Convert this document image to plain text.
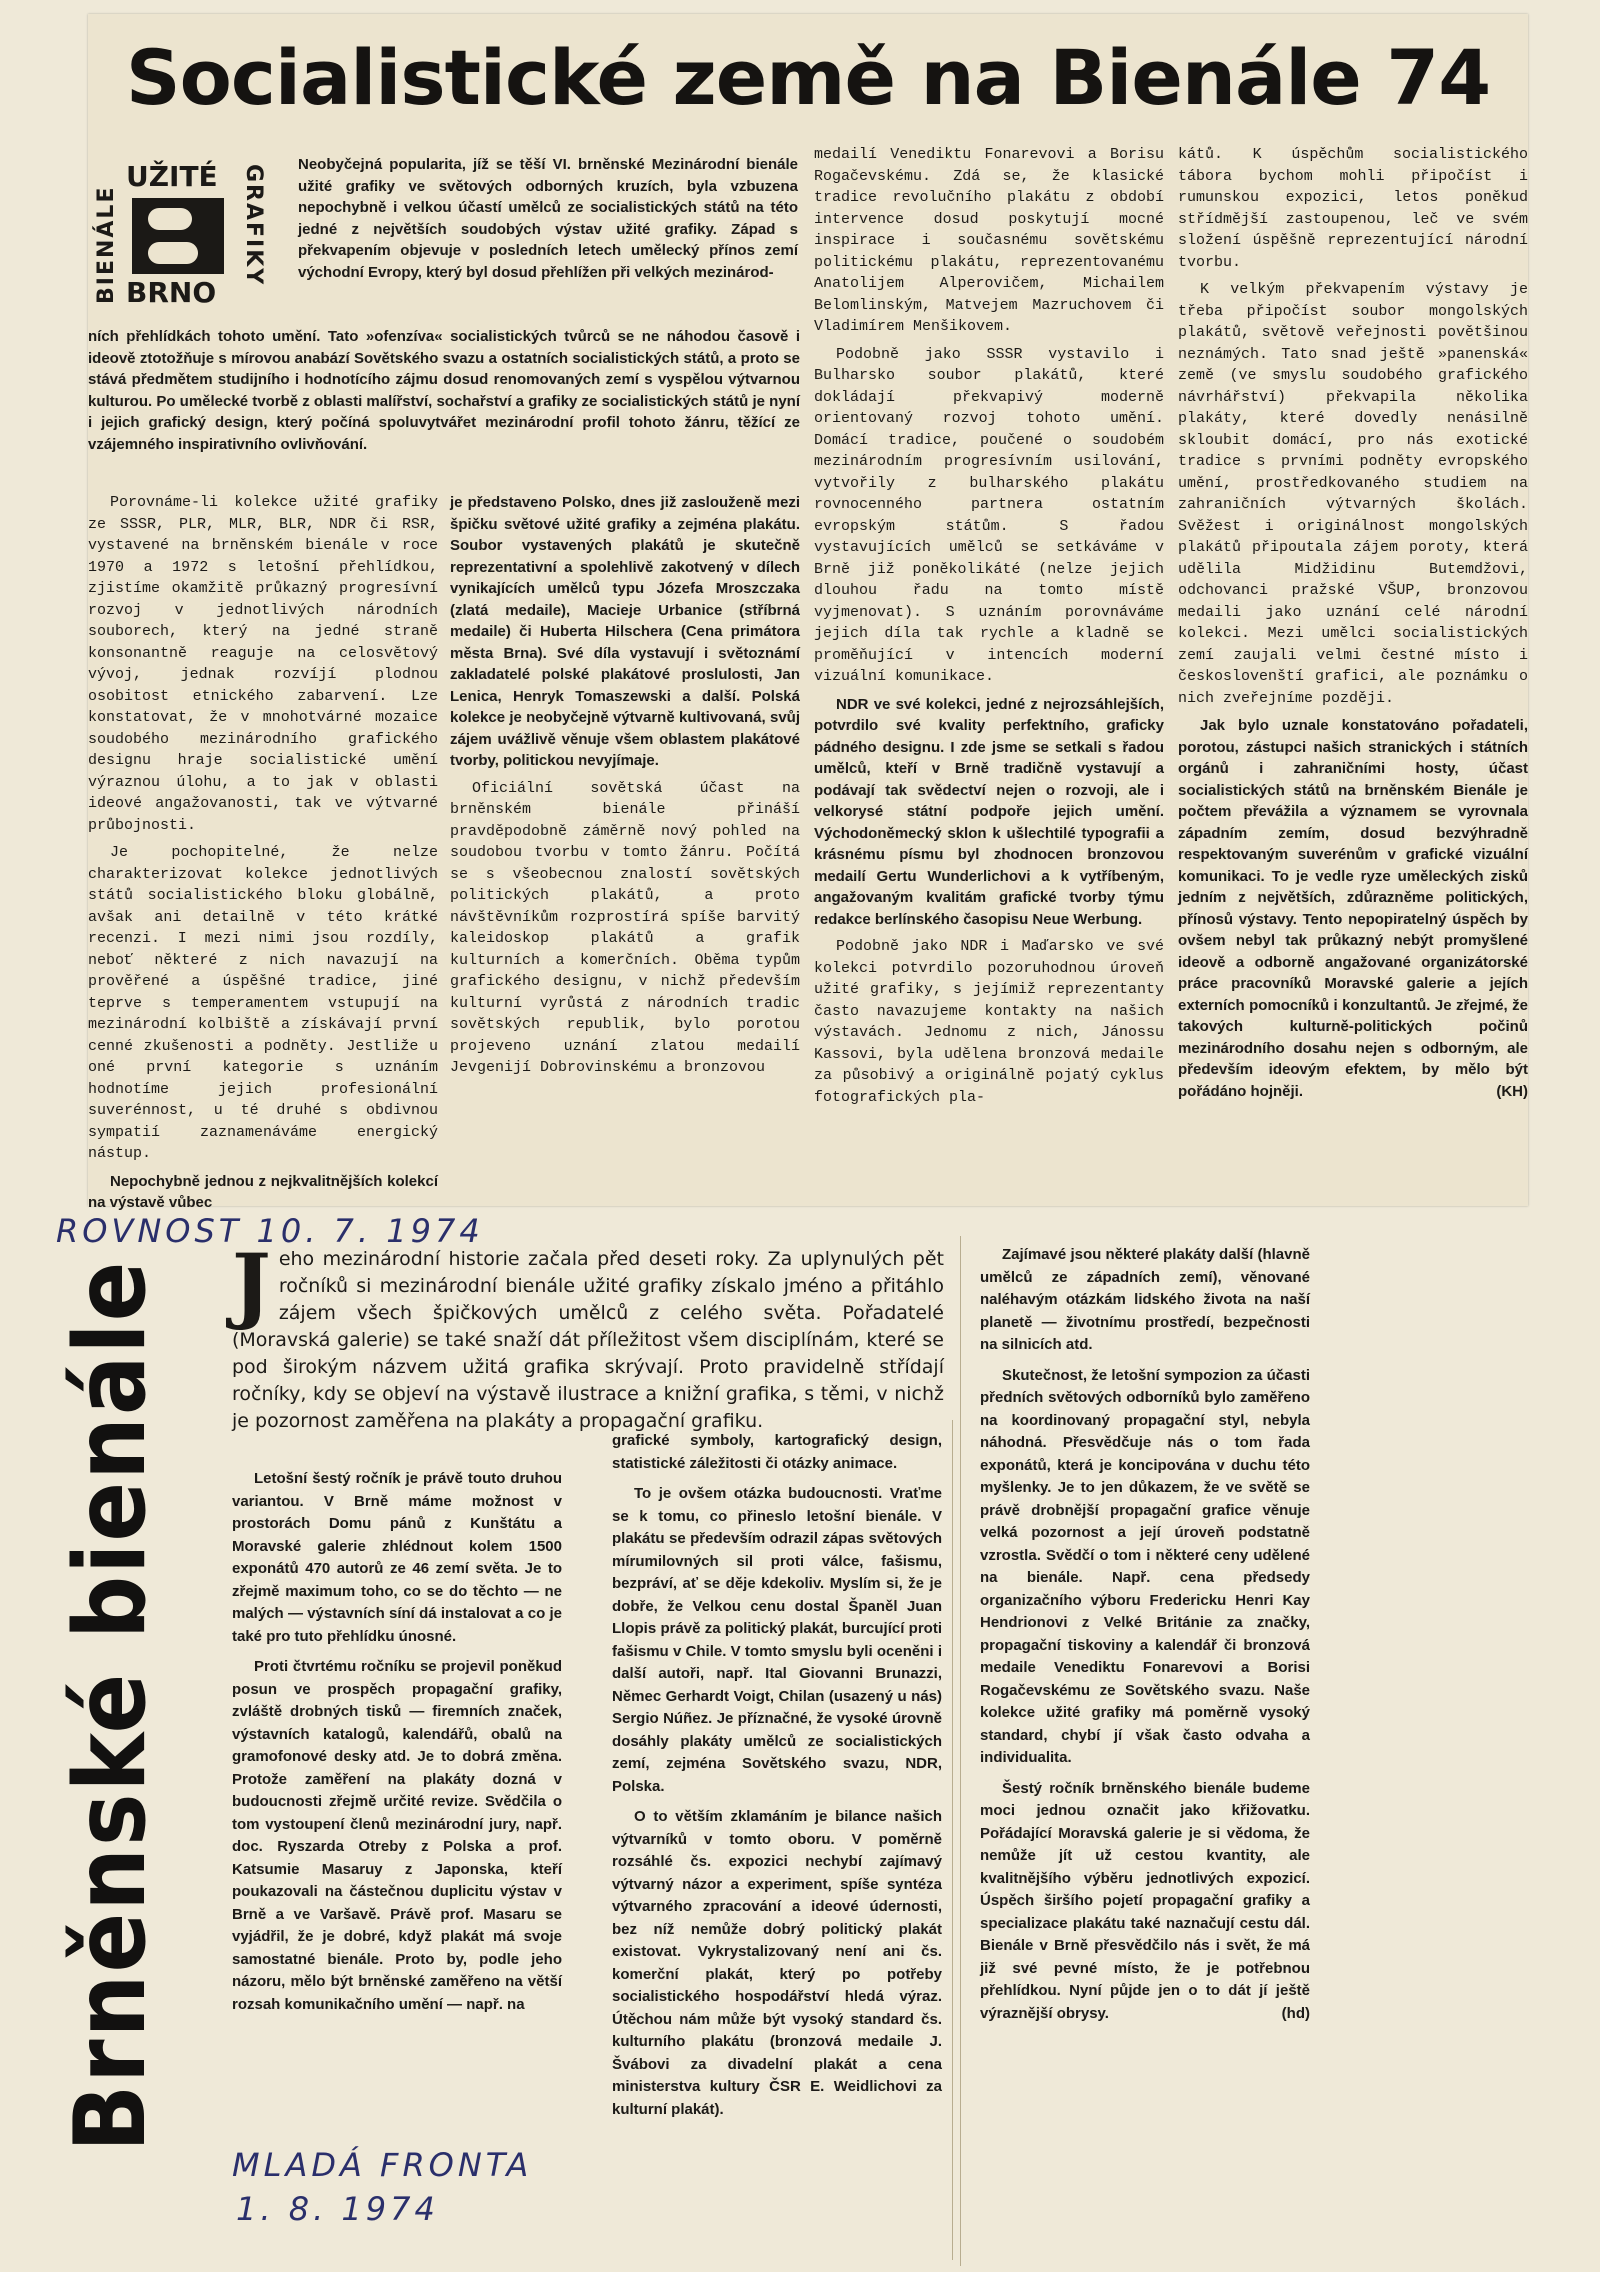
Socialistické země na Bienále 74
BIENÁLE
UŽITÉ
BRNO
GRAFIKY Neobyčejná popularita, jíž se těší VI. brněnské Mezinárodní bienále užité grafiky ve světových odborných kruzích, byla vzbuzena nepochybně i velkou účastí umělců ze socialistických států na této jedné z největších soudobých výstav užité grafiky. Západ s překvapením objevuje v posledních letech umělecký přínos zemí východní Evropy, který byl dosud přehlížen při velkých mezinárod-
ních přehlídkách tohoto umění. Tato »ofenzíva« socialistických tvůrců se ne náhodou časově i ideově ztotožňuje s mírovou anabází Sovětského svazu a ostatních socialistických států, a proto se stává předmětem studijního i hodnotícího zájmu dosud renomovaných zemí s vyspělou výtvarnou kulturou. Po umělecké tvorbě z oblasti malířství, sochařství a grafiky ze socialistických států je nyní i jejich grafický design, který počíná spoluvytvářet mezinárodní profil tohoto žánru, těžící ze vzájemného inspirativního ovlivňování.

Porovnáme-li kolekce užité grafiky ze SSSR, PLR, MLR, BLR, NDR či RSR, vystavené na brněnském bienále v roce 1970 a 1972 s letošní přehlídkou, zjistíme okamžitě průkazný progresívní rozvoj v jednotlivých národních souborech, který na jedné straně konsonantně reaguje na celosvětový vývoj, jednak rozvíjí plodnou osobitost etnického zabarvení. Lze konstatovat, že v mnohotvárné mozaice soudobého mezinárodního grafického designu hraje socialistické umění výraznou úlohu, a to jak v oblasti ideové angažovanosti, tak ve výtvarné průbojnosti.

Je pochopitelné, že nelze charakterizovat kolekce jednotlivých států socialistického bloku globálně, avšak ani detailně v této krátké recenzi. I mezi nimi jsou rozdíly, neboť některé z nich navazují na prověřené a úspěšné tradice, jiné teprve s temperamentem vstupují na mezinárodní kolbiště a získávají první cenné zkušenosti a podněty. Jestliže u oné první kategorie s uznáním hodnotíme jejich profesionální suverénnost, u té druhé s obdivnou sympatií zaznamenáváme energický nástup.

Nepochybně jednou z nejkvalitnějších kolekcí na výstavě vůbec

je představeno Polsko, dnes již zaslouženě mezi špičku světové užité grafiky a zejména plakátu. Soubor vystavených plakátů je skutečně reprezentativní a spolehlivě zakotvený v dílech vynikajících umělců typu Józefa Mroszczaka (zlatá medaile), Macieje Urbanice (stříbrná medaile) či Huberta Hilschera (Cena primátora města Brna). Své díla vystavují i světoznámí zakladatelé polské plakátové proslulosti, Jan Lenica, Henryk Tomaszewski a další. Polská kolekce je neobyčejně výtvarně kultivovaná, svůj zájem uvážlivě věnuje všem oblastem plakátové tvorby, politickou nevyjímaje.

Oficiální sovětská účast na brněnském bienále přináší pravděpodobně záměrně nový pohled na soudobou tvorbu v tomto žánru. Počítá se s všeobecnou znalostí sovětských politických plakátů, a proto návštěvníkům rozprostírá spíše barvitý kaleidoskop plakátů a grafik kulturních a komerčních. Oběma typům grafického designu, v nichž především kulturní vyrůstá z národních tradic sovětských republik, bylo porotou projeveno uznání zlatou medailí Jevgenijí Dobrovinskému a bronzovou

medailí Venediktu Fonarevovi a Borisu Rogačevskému. Zdá se, že klasické tradice revolučního plakátu z období intervence dosud poskytují mocné inspirace i současnému sovětskému politickému plakátu, reprezentovanému Anatolijem Alperovičem, Michailem Belomlinským, Matvejem Mazruchovem či Vladimírem Menšikovem.

Podobně jako SSSR vystavilo i Bulharsko soubor plakátů, které dokládají překvapivý moderně orientovaný rozvoj tohoto umění. Domácí tradice, poučené o soudobém mezinárodním progresívním usilování, vytvořily z bulharského plakátu rovnocenného partnera ostatním evropským státům. S řadou vystavujících umělců se setkáváme v Brně již poněkolikáté (nelze jejich dlouhou řadu na tomto místě vyjmenovat). S uznáním porovnáváme jejich díla tak rychle a kladně se proměňující v intencích moderní vizuální komunikace.

NDR ve své kolekci, jedné z nejrozsáhlejších, potvrdilo své kvality perfektního, graficky pádného designu. I zde jsme se setkali s řadou umělců, kteří v Brně tradičně vystavují a podávají tak svědectví nejen o rozvoji, ale i velkorysé státní podpoře jejich umění. Východoněmecký sklon k ušlechtilé typografii a krásnému písmu byl zhodnocen bronzovou medailí Gertu Wunderlichovi a k vytříbeným, angažovaným kvalitám grafické tvorby týmu redakce berlínského časopisu Neue Werbung.

Podobně jako NDR i Maďarsko ve své kolekci potvrdilo pozoruhodnou úroveň užité grafiky, s jejímiž reprezentanty často navazujeme kontakty na našich výstavách. Jednomu z nich, Jánossu Kassovi, byla udělena bronzová medaile za působivý a originálně pojatý cyklus fotografických pla-

kátů. K úspěchům socialistického tábora bychom mohli připočíst i rumunskou expozici, letos poněkud střídmější zastoupenou, leč ve svém složení úspěšně reprezentující národní tvorbu.

K velkým překvapením výstavy je třeba připočíst soubor mongolských plakátů, světově veřejnosti povětšinou neznámých. Tato snad ještě »panenská« země (ve smyslu soudobého grafického návrhářství) překvapila několika plakáty, které dovedly nenásilně skloubit domácí, pro nás exotické tradice s prvními podněty evropského umění, prostředkovaného studiem na zahraničních výtvarných školách. Svěžest i originálnost mongolských plakátů připoutala zájem poroty, která udělila Midžidinu Butemdžovi, odchovanci pražské VŠUP, bronzovou medaili jako uznání celé národní kolekci. Mezi umělci socialistických zemí zaujali velmi čestné místo i českoslovenští grafici, ale poznámku o nich zveřejníme později.

Jak bylo uznale konstatováno pořadateli, porotou, zástupci našich stranických i státních orgánů i zahraničními hosty, účast socialistických států na brněnském Bienále je počtem převážila a významem se vyrovnala západním zemím, dosud bezvýhradně respektovaným suverénům v grafické vizuální komunikaci. To je vedle ryze uměleckých zisků jedním z největších, zdůrazněme politických, přínosů výstavy. Tento nepopiratelný úspěch by ovšem nebyl tak průkazný nebýt promyšlené ideově a odborně angažované organizátorské práce pracovníků Moravské galerie a jejích externích pomocníků i konzultantů. Je zřejmé, že takových kulturně-politických počinů mezinárodního dosahu nejen s odborným, ale především ideovým efektem, by mělo být pořádáno hojněji.	(KH)

ROVNOST 10. 7. 1974
Brněnské bienále Jeho mezinárodní historie začala před deseti roky. Za uplynulých pět ročníků si mezinárodní bienále užité grafiky získalo jméno a přitáhlo zájem všech špičkových umělců z celého světa. Pořadatelé (Moravská galerie) se také snaží dát příležitost všem disciplínám, které se pod širokým názvem užitá grafika skrývají. Proto pravidelně střídají ročníky, kdy se objeví na výstavě ilustrace a knižní grafika, s těmi, v nichž je pozornost zaměřena na plakáty a propagační grafiku.

Letošní šestý ročník je právě touto druhou variantou. V Brně máme možnost v prostorách Domu pánů z Kunštátu a Moravské galerie zhlédnout kolem 1500 exponátů 470 autorů ze 46 zemí světa. Je to zřejmě maximum toho, co se do těchto — ne malých — výstavních síní dá instalovat a co je také pro tuto přehlídku únosné.

Proti čtvrtému ročníku se projevil poněkud posun ve prospěch propagační grafiky, zvláště drobných tisků — firemních značek, výstavních katalogů, kalendářů, obalů na gramofonové desky atd. Je to dobrá změna. Protože zaměření na plakáty dozná v budoucnosti zřejmě určité revize. Svědčila o tom vystoupení členů mezinárodní jury, např. doc. Ryszarda Otreby z Polska a prof. Katsumie Masaruy z Japonska, kteří poukazovali na částečnou duplicitu výstav v Brně a ve Varšavě. Právě prof. Masaru se vyjádřil, že je dobré, když plakát má svoje samostatné bienále. Proto by, podle jeho názoru, mělo být brněnské zaměřeno na větší rozsah komunikačního umění — např. na

grafické symboly, kartografický design, statistické záležitosti či otázky animace.

To je ovšem otázka budoucnosti. Vraťme se k tomu, co přineslo letošní bienále. V plakátu se především odrazil zápas světových mírumilovných sil proti válce, fašismu, bezpráví, ať se děje kdekoliv. Myslím si, že je dobře, že Velkou cenu dostal Španěl Juan Llopis právě za politický plakát, burcující proti fašismu v Chile. V tomto smyslu byli oceněni i další autoři, např. Ital Giovanni Brunazzi, Němec Gerhardt Voigt, Chilan (usazený u nás) Sergio Núñez. Je příznačné, že vysoké úrovně dosáhly plakáty umělců ze socialistických zemí, zejména Sovětského svazu, NDR, Polska.

O to větším zklamáním je bilance našich výtvarníků v tomto oboru. V poměrně rozsáhlé čs. expozici nechybí zajímavý výtvarný názor a experiment, spíše syntéza výtvarného zpracování a ideové údernosti, bez níž nemůže dobrý politický plakát existovat. Vykrystalizovaný není ani čs. komerční plakát, který po potřeby socialistického hospodářství hledá výraz. Útěchou nám může být vysoký standard čs. kulturního plakátu (bronzová medaile J. Švábovi za divadelní plakát a cena ministerstva kultury ČSR E. Weidlichovi za kulturní plakát).

Zajímavé jsou některé plakáty další (hlavně umělců ze západních zemí), věnované naléhavým otázkám lidského života na naší planetě — životnímu prostředí, bezpečnosti na silnicích atd.

Skutečnost, že letošní sympozion za účasti předních světových odborníků bylo zaměřeno na koordinovaný propagační styl, nebyla náhodná. Přesvědčuje nás o tom řada exponátů, která je koncipována v duchu této myšlenky. Je to jen důkazem, že ve světě se právě drobnější propagační grafice věnuje velká pozornost a její úroveň podstatně vzrostla. Svědčí o tom i některé ceny udělené na bienále. Např. cena předsedy organizačního výboru Fredericku Henri Kay Hendrionovi z Velké Británie za značky, propagační tiskoviny a kalendář či bronzová medaile Venediktu Fonarevovi a Borisi Rogačevskému ze Sovětského svazu. Naše kolekce užité grafiky má poměrně vysoký standard, chybí jí však často odvaha a individualita.

Šestý ročník brněnského bienále budeme moci jednou označit jako křižovatku. Pořádající Moravská galerie je si vědoma, že nemůže jít už cestou kvantity, ale kvalitnějšího výběru jednotlivých expozicí. Úspěch širšího pojetí propagační grafiky a specializace plakátu také naznačují cestu dál. Bienále v Brně přesvědčilo nás i svět, že má již své pevné místo, že je potřebnou přehlídkou. Nyní půjde jen o to dát jí ještě výraznější obrysy.	(hd)

MLADÁ FRONTA
1. 8. 1974
